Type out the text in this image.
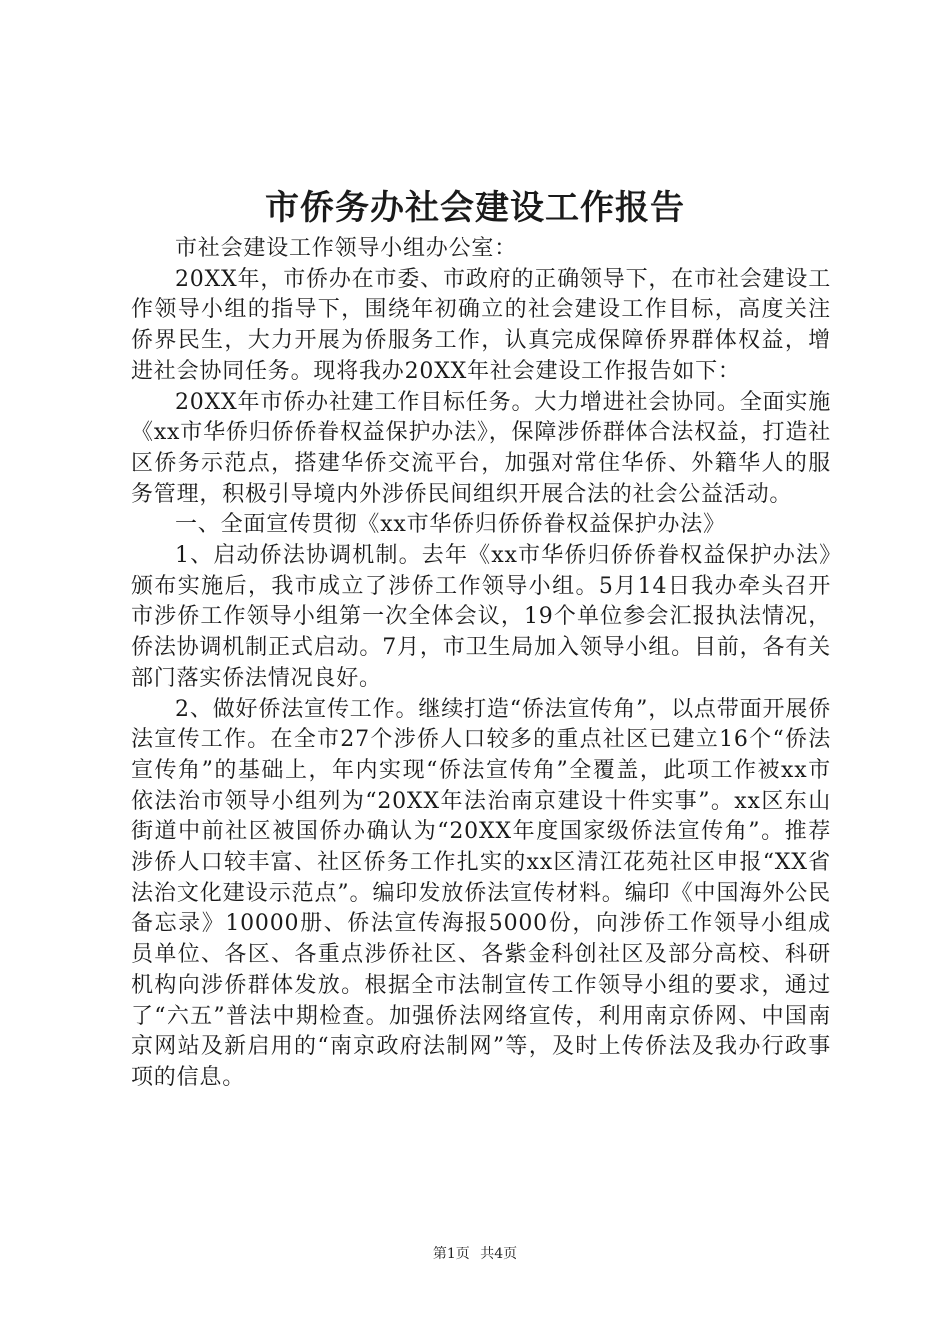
市侨务办社会建设工作报告

市社会建设工作领导小组办公室：

20XX年，市侨办在市委、市政府的正确领导下，在市社会建设工作领导小组的指导下，围绕年初确立的社会建设工作目标，高度关注侨界民生，大力开展为侨服务工作，认真完成保障侨界群体权益，增进社会协同任务。现将我办20XX年社会建设工作报告如下：

20XX年市侨办社建工作目标任务。大力增进社会协同。全面实施《xx市华侨归侨侨眷权益保护办法》，保障涉侨群体合法权益，打造社区侨务示范点，搭建华侨交流平台，加强对常住华侨、外籍华人的服务管理，积极引导境内外涉侨民间组织开展合法的社会公益活动。

一、全面宣传贯彻《xx市华侨归侨侨眷权益保护办法》

1、启动侨法协调机制。去年《xx市华侨归侨侨眷权益保护办法》颁布实施后，我市成立了涉侨工作领导小组。5月14日我办牵头召开市涉侨工作领导小组第一次全体会议，19个单位参会汇报执法情况，侨法协调机制正式启动。7月，市卫生局加入领导小组。目前，各有关部门落实侨法情况良好。

2、做好侨法宣传工作。继续打造“侨法宣传角”，以点带面开展侨法宣传工作。在全市27个涉侨人口较多的重点社区已建立16个“侨法宣传角”的基础上，年内实现“侨法宣传角”全覆盖，此项工作被xx市依法治市领导小组列为“20XX年法治南京建设十件实事”。xx区东山街道中前社区被国侨办确认为“20XX年度国家级侨法宣传角”。推荐涉侨人口较丰富、社区侨务工作扎实的xx区清江花苑社区申报“XX省法治文化建设示范点”。编印发放侨法宣传材料。编印《中国海外公民备忘录》10000册、侨法宣传海报5000份，向涉侨工作领导小组成员单位、各区、各重点涉侨社区、各紫金科创社区及部分高校、科研机构向涉侨群体发放。根据全市法制宣传工作领导小组的要求，通过了“六五”普法中期检查。加强侨法网络宣传，利用南京侨网、中国南京网站及新启用的“南京政府法制网”等，及时上传侨法及我办行政事项的信息。

第1页 共4页
